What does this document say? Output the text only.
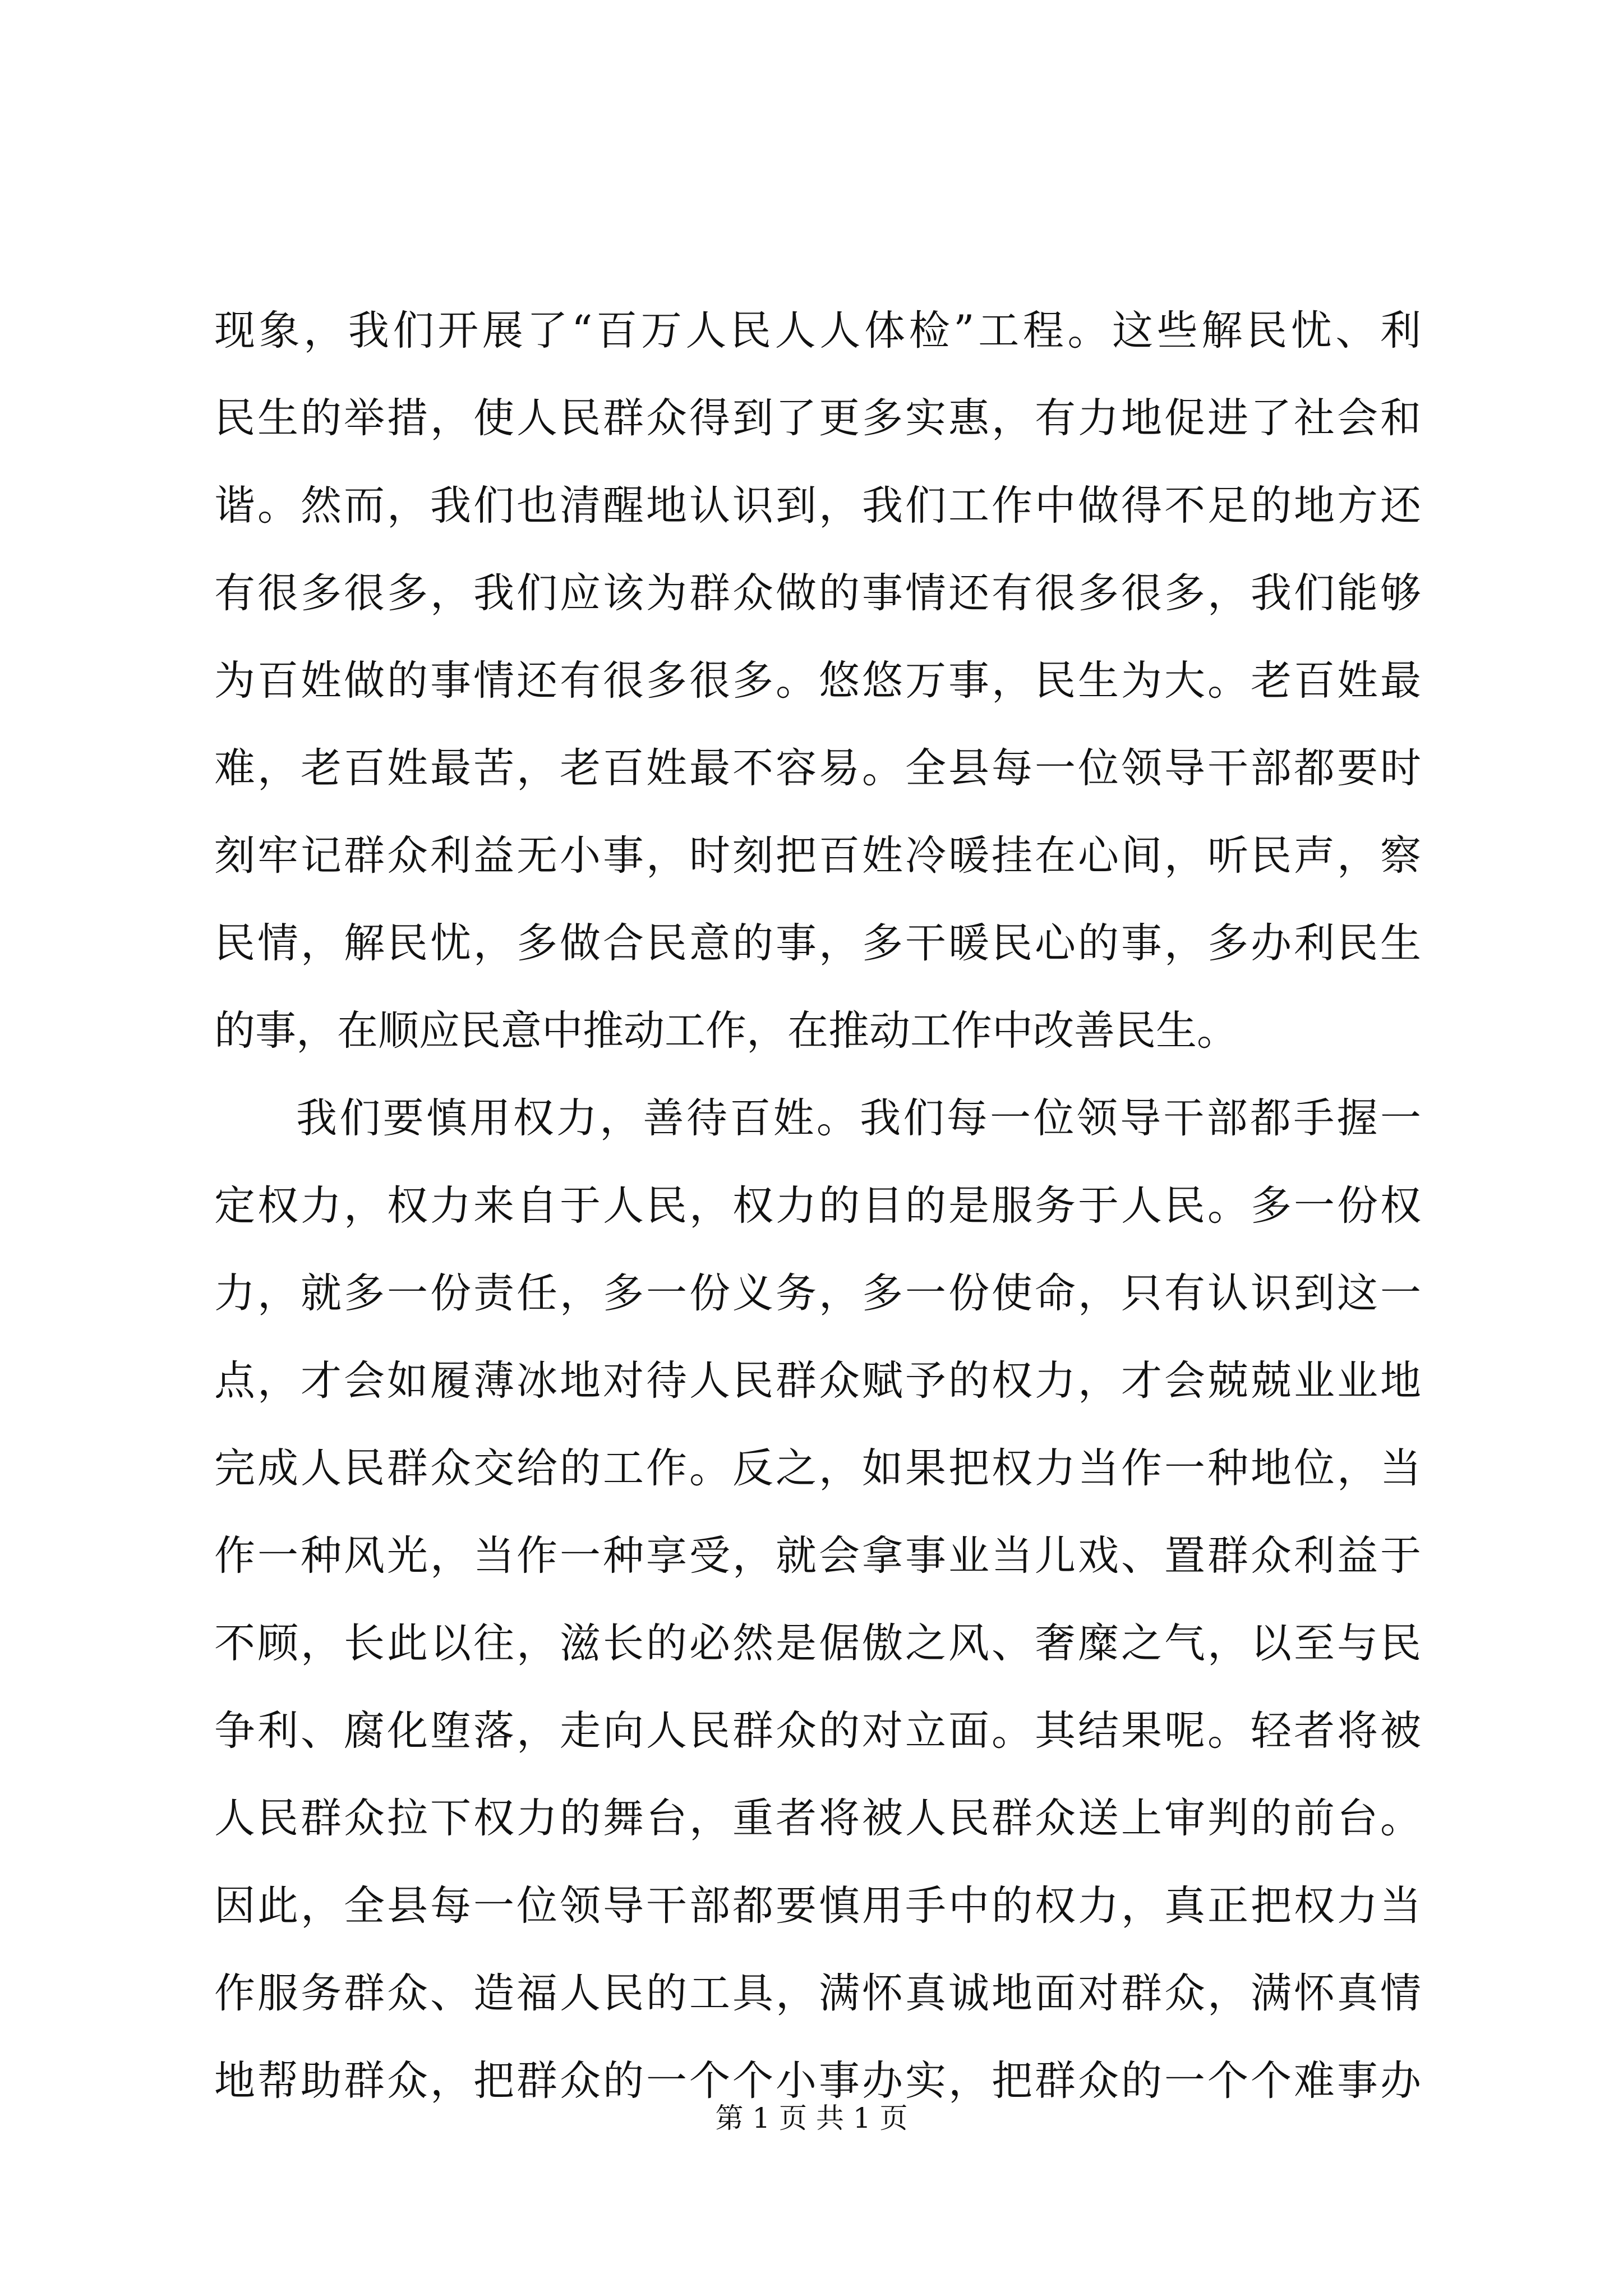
现象，我们开展了“百万人民人人体检”工程。这些解民忧、利
民生的举措，使人民群众得到了更多实惠，有力地促进了社会和
谐。然而，我们也清醒地认识到，我们工作中做得不足的地方还
有很多很多，我们应该为群众做的事情还有很多很多，我们能够
为百姓做的事情还有很多很多。悠悠万事，民生为大。老百姓最
难，老百姓最苦，老百姓最不容易。全县每一位领导干部都要时
刻牢记群众利益无小事，时刻把百姓冷暖挂在心间，听民声，察
民情，解民忧，多做合民意的事，多干暖民心的事，多办利民生
的事，在顺应民意中推动工作，在推动工作中改善民生。
我们要慎用权力，善待百姓。我们每一位领导干部都手握一
定权力，权力来自于人民，权力的目的是服务于人民。多一份权
力，就多一份责任，多一份义务，多一份使命，只有认识到这一
点，才会如履薄冰地对待人民群众赋予的权力，才会兢兢业业地
完成人民群众交给的工作。反之，如果把权力当作一种地位，当
作一种风光，当作一种享受，就会拿事业当儿戏、置群众利益于
不顾，长此以往，滋长的必然是倨傲之风、奢糜之气，以至与民
争利、腐化堕落，走向人民群众的对立面。其结果呢。轻者将被
人民群众拉下权力的舞台，重者将被人民群众送上审判的前台。
因此，全县每一位领导干部都要慎用手中的权力，真正把权力当
作服务群众、造福人民的工具，满怀真诚地面对群众，满怀真情
地帮助群众，把群众的一个个小事办实，把群众的一个个难事办
第 1 页 共 1 页
